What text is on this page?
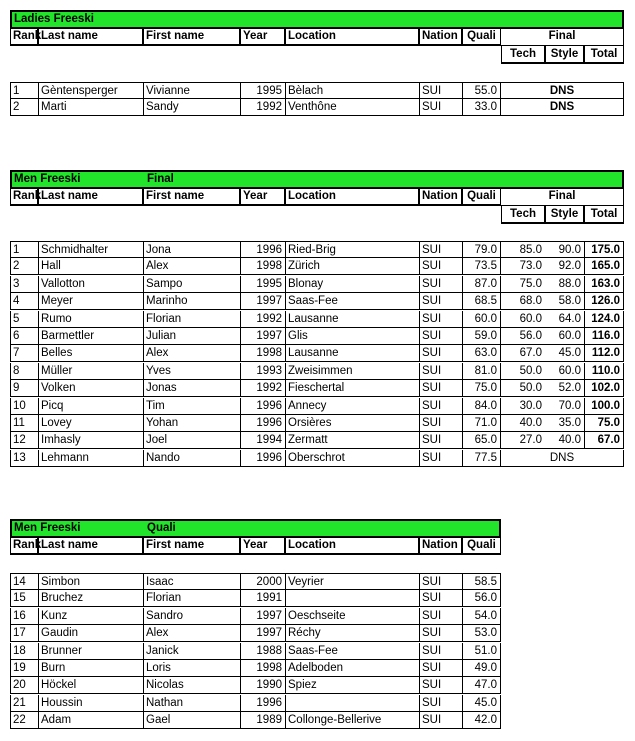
Ladies Freeski
Rank Last name	First name	Year	Location	Nation Quali	Final
Tech	Style	Total
1	Gèntensperger	Vivianne	1995 Bèlach	SUI	55.0	DNS
2	Marti	Sandy	1992 Venthône	SUI	33.0	DNS
Men Freeski	Final
Rank Last name	First name	Year	Location	Nation Quali	Final
Tech	Style	Total
1	Schmidhalter	Jona	1996 Ried-Brig	SUI	79.0	85.0	90.0 175.0
2	Hall	Alex	1998 Zürich	SUI	73.5	73.0	92.0 165.0
3	Vallotton	Sampo	1995 Blonay	SUI	87.0	75.0	88.0 163.0
4	Meyer	Marinho	1997 Saas-Fee	SUI	68.5	68.0	58.0 126.0
5	Rumo	Florian	1992 Lausanne	SUI	60.0	60.0	64.0 124.0
6	Barmettler	Julian	1997 Glis	SUI	59.0	56.0	60.0 116.0
7	Belles	Alex	1998 Lausanne	SUI	63.0	67.0	45.0 112.0
8	Müller	Yves	1993 Zweisimmen	SUI	81.0	50.0	60.0 110.0
9	Volken	Jonas	1992 Fieschertal	SUI	75.0	50.0	52.0 102.0
10	Picq	Tim	1996 Annecy	SUI	84.0	30.0	70.0 100.0
11	Lovey	Yohan	1996 Orsières	SUI	71.0	40.0	35.0	75.0
12	Imhasly	Joel	1994 Zermatt	SUI	65.0	27.0	40.0	67.0
13	Lehmann	Nando	1996 Oberschrot	SUI	77.5	DNS
Men Freeski	Quali
Rank Last name	First name	Year	Location	Nation Quali
14	Simbon	Isaac	2000 Veyrier	SUI	58.5
15	Bruchez	Florian	1991	SUI	56.0
16	Kunz	Sandro	1997 Oeschseite	SUI	54.0
17	Gaudin	Alex	1997 Réchy	SUI	53.0
18	Brunner	Janick	1988 Saas-Fee	SUI	51.0
19	Burn	Loris	1998 Adelboden	SUI	49.0
20	Höckel	Nicolas	1990 Spiez	SUI	47.0
21	Houssin	Nathan	1996	SUI	45.0
22	Adam	Gael	1989 Collonge-Bellerive	SUI	42.0
